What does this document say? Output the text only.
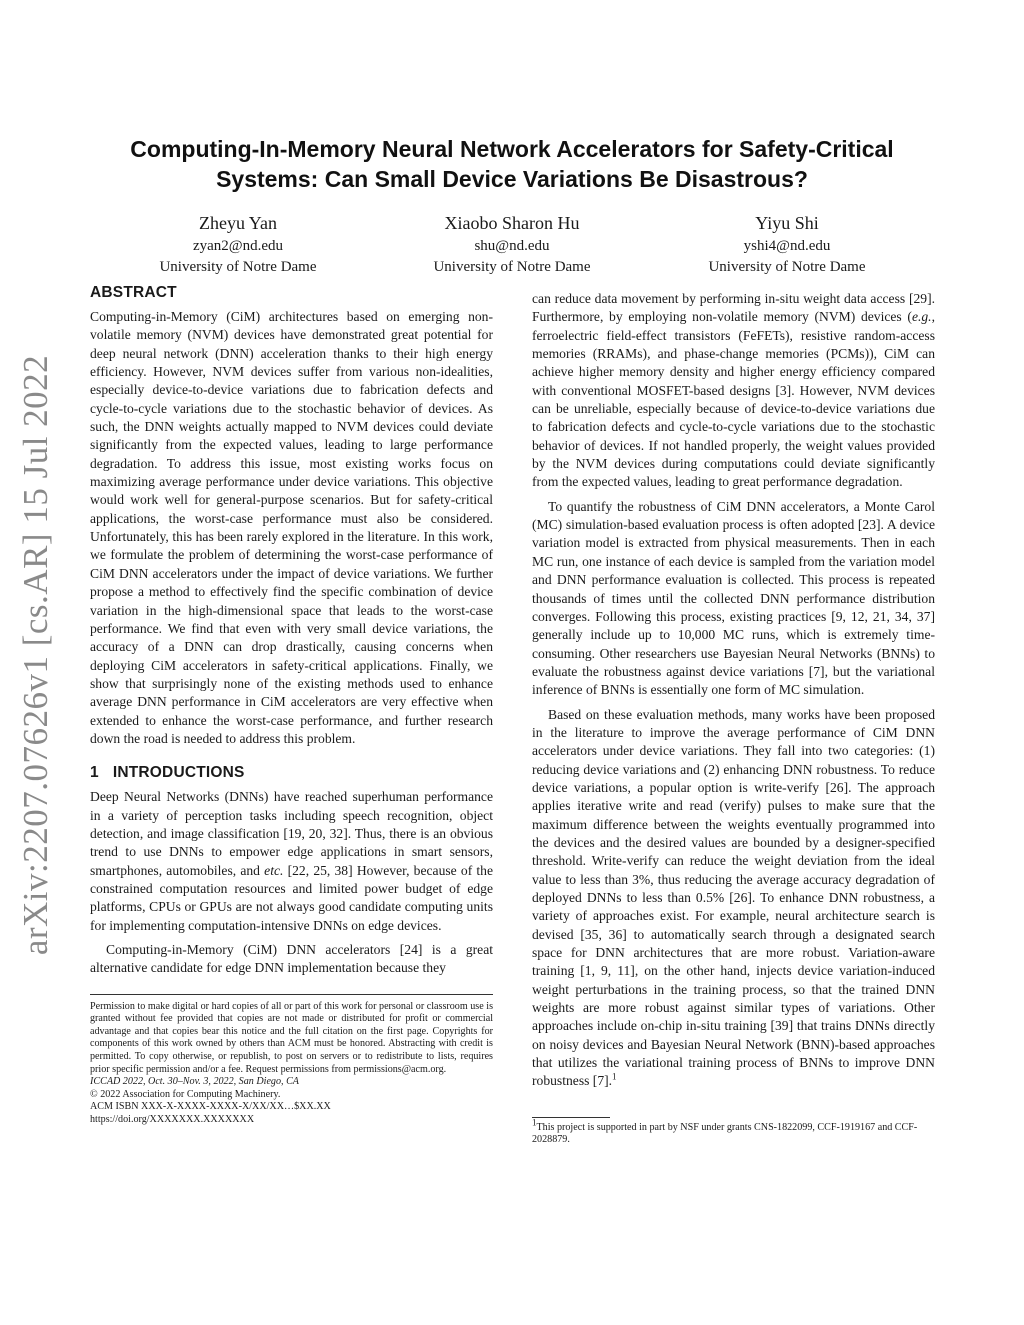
arXiv:2207.07626v1 [cs.AR] 15 Jul 2022
Computing-In-Memory Neural Network Accelerators for Safety-Critical
Systems: Can Small Device Variations Be Disastrous?
Zheyu Yan
zyan2@nd.edu
University of Notre Dame
Xiaobo Sharon Hu
shu@nd.edu
University of Notre Dame
Yiyu Shi
yshi4@nd.edu
University of Notre Dame
ABSTRACT

Computing-in-Memory (CiM) architectures based on emerging non-volatile memory (NVM) devices have demonstrated great potential for deep neural network (DNN) acceleration thanks to their high energy efficiency. However, NVM devices suffer from various non-idealities, especially device-to-device variations due to fabrication defects and cycle-to-cycle variations due to the stochastic behavior of devices. As such, the DNN weights actually mapped to NVM devices could deviate significantly from the expected values, leading to large performance degradation. To address this issue, most existing works focus on maximizing average performance under device variations. This objective would work well for general-purpose scenarios. But for safety-critical applications, the worst-case performance must also be considered. Unfortunately, this has been rarely explored in the literature. In this work, we formulate the problem of determining the worst-case performance of CiM DNN accelerators under the impact of device variations. We further propose a method to effectively find the specific combination of device variation in the high-dimensional space that leads to the worst-case performance. We find that even with very small device variations, the accuracy of a DNN can drop drastically, causing concerns when deploying CiM accelerators in safety-critical applications. Finally, we show that surprisingly none of the existing methods used to enhance average DNN performance in CiM accelerators are very effective when extended to enhance the worst-case performance, and further research down the road is needed to address this problem.

1 INTRODUCTIONS

Deep Neural Networks (DNNs) have reached superhuman performance in a variety of perception tasks including speech recognition, object detection, and image classification [19, 20, 32]. Thus, there is an obvious trend to use DNNs to empower edge applications in smart sensors, smartphones, automobiles, and etc. [22, 25, 38] However, because of the constrained computation resources and limited power budget of edge platforms, CPUs or GPUs are not always good candidate computing units for implementing computation-intensive DNNs on edge devices.

Computing-in-Memory (CiM) DNN accelerators [24] is a great alternative candidate for edge DNN implementation because they

Permission to make digital or hard copies of all or part of this work for personal or classroom use is granted without fee provided that copies are not made or distributed for profit or commercial advantage and that copies bear this notice and the full citation on the first page. Copyrights for components of this work owned by others than ACM must be honored. Abstracting with credit is permitted. To copy otherwise, or republish, to post on servers or to redistribute to lists, requires prior specific permission and/or a fee. Request permissions from permissions@acm.org.

ICCAD 2022, Oct. 30–Nov. 3, 2022, San Diego, CA

© 2022 Association for Computing Machinery.

ACM ISBN XXX-X-XXXX-XXXX-X/XX/XX…$XX.XX

https://doi.org/XXXXXXX.XXXXXXX

can reduce data movement by performing in-situ weight data access [29]. Furthermore, by employing non-volatile memory (NVM) devices (e.g., ferroelectric field-effect transistors (FeFETs), resistive random-access memories (RRAMs), and phase-change memories (PCMs)), CiM can achieve higher memory density and higher energy efficiency compared with conventional MOSFET-based designs [3]. However, NVM devices can be unreliable, especially because of device-to-device variations due to fabrication defects and cycle-to-cycle variations due to the stochastic behavior of devices. If not handled properly, the weight values provided by the NVM devices during computations could deviate significantly from the expected values, leading to great performance degradation.

To quantify the robustness of CiM DNN accelerators, a Monte Carol (MC) simulation-based evaluation process is often adopted [23]. A device variation model is extracted from physical measurements. Then in each MC run, one instance of each device is sampled from the variation model and DNN performance evaluation is collected. This process is repeated thousands of times until the collected DNN performance distribution converges. Following this process, existing practices [9, 12, 21, 34, 37] generally include up to 10,000 MC runs, which is extremely time-consuming. Other researchers use Bayesian Neural Networks (BNNs) to evaluate the robustness against device variations [7], but the variational inference of BNNs is essentially one form of MC simulation.

Based on these evaluation methods, many works have been proposed in the literature to improve the average performance of CiM DNN accelerators under device variations. They fall into two categories: (1) reducing device variations and (2) enhancing DNN robustness. To reduce device variations, a popular option is write-verify [26]. The approach applies iterative write and read (verify) pulses to make sure that the maximum difference between the weights eventually programmed into the devices and the desired values are bounded by a designer-specified threshold. Write-verify can reduce the weight deviation from the ideal value to less than 3%, thus reducing the average accuracy degradation of deployed DNNs to less than 0.5% [26]. To enhance DNN robustness, a variety of approaches exist. For example, neural architecture search is devised [35, 36] to automatically search through a designated search space for DNN architectures that are more robust. Variation-aware training [1, 9, 11], on the other hand, injects device variation-induced weight perturbations in the training process, so that the trained DNN weights are more robust against similar types of variations. Other approaches include on-chip in-situ training [39] that trains DNNs directly on noisy devices and Bayesian Neural Network (BNN)-based approaches that utilizes the variational training process of BNNs to improve DNN robustness [7].$^1$

$^1$This project is supported in part by NSF under grants CNS-1822099, CCF-1919167 and CCF-2028879.
